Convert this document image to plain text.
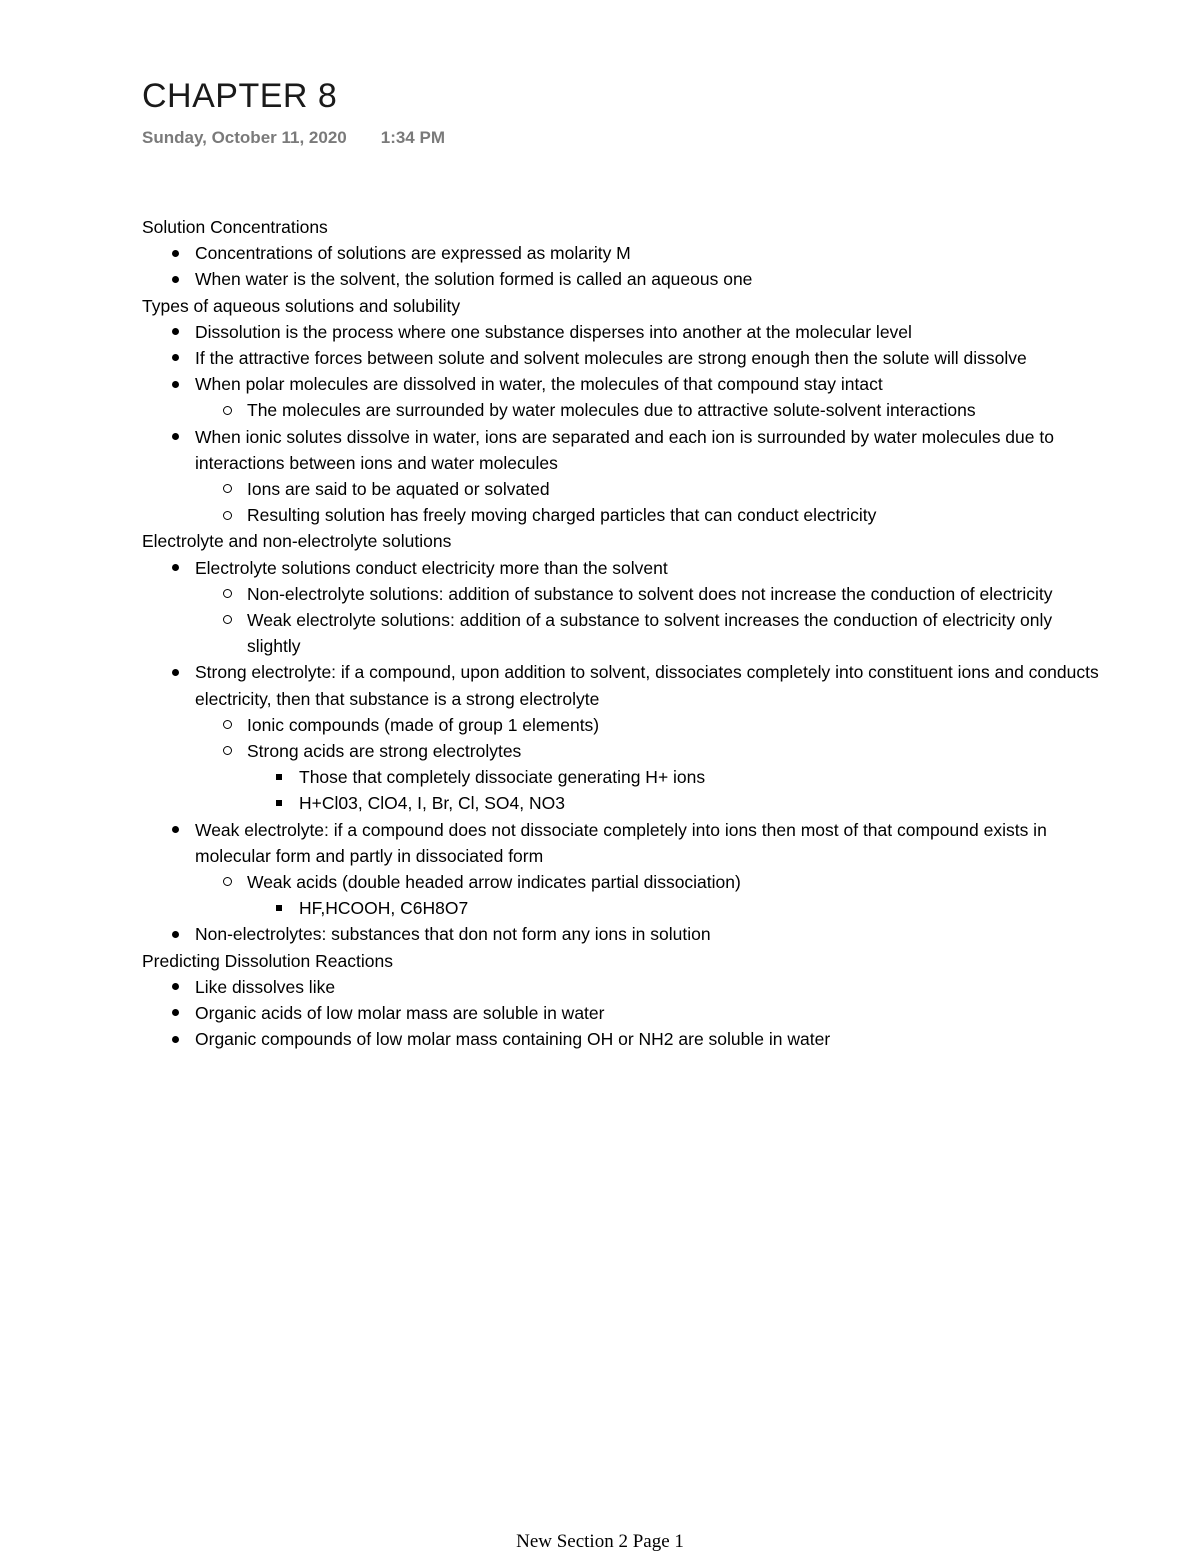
CHAPTER 8
Sunday, October 11, 2020 1:34 PM
Solution Concentrations
Concentrations of solutions are expressed as molarity M
When water is the solvent, the solution formed is called an aqueous one
Types of aqueous solutions and solubility
Dissolution is the process where one substance disperses into another at the molecular level
If the attractive forces between solute and solvent molecules are strong enough then the solute will dissolve
When polar molecules are dissolved in water, the molecules of that compound stay intact
The molecules are surrounded by water molecules due to attractive solute-solvent interactions
When ionic solutes dissolve in water, ions are separated and each ion is surrounded by water molecules due to interactions between ions and water molecules
Ions are said to be aquated or solvated
Resulting solution has freely moving charged particles that can conduct electricity
Electrolyte and non-electrolyte solutions
Electrolyte solutions conduct electricity more than the solvent
Non-electrolyte solutions: addition of substance to solvent does not increase the conduction of electricity
Weak electrolyte solutions: addition of a substance to solvent increases the conduction of electricity only slightly
Strong electrolyte: if a compound, upon addition to solvent, dissociates completely into constituent ions and conducts electricity, then that substance is a strong electrolyte
Ionic compounds (made of group 1 elements)
Strong acids are strong electrolytes
Those that completely dissociate generating H+ ions
H+Cl03, ClO4, I, Br, Cl, SO4, NO3
Weak electrolyte: if a compound does not dissociate completely into ions then most of that compound exists in molecular form and partly in dissociated form
Weak acids (double headed arrow indicates partial dissociation)
HF,HCOOH, C6H8O7
Non-electrolytes: substances that don not form any ions in solution
Predicting Dissolution Reactions
Like dissolves like
Organic acids of low molar mass are soluble in water
Organic compounds of low molar mass containing OH or NH2 are soluble in water
New Section 2 Page 1
